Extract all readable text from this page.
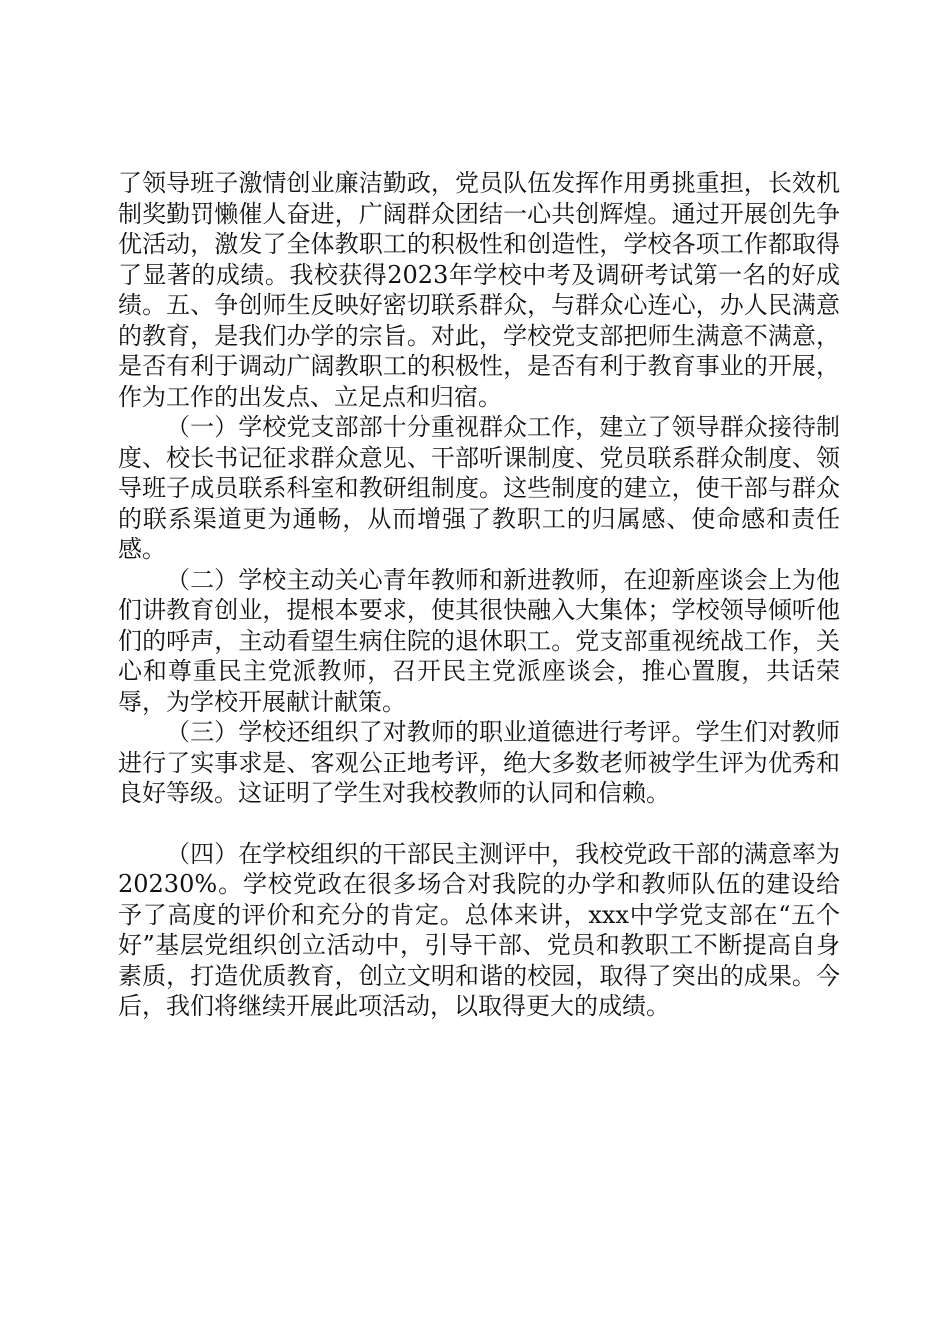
了领导班子激情创业廉洁勤政，党员队伍发挥作用勇挑重担，长效机制奖勤罚懒催人奋进，广阔群众团结一心共创辉煌。通过开展创先争优活动，激发了全体教职工的积极性和创造性，学校各项工作都取得了显著的成绩。我校获得2023年学校中考及调研考试第一名的好成绩。五、争创师生反映好密切联系群众，与群众心连心，办人民满意的教育，是我们办学的宗旨。对此，学校党支部把师生满意不满意，是否有利于调动广阔教职工的积极性，是否有利于教育事业的开展，作为工作的出发点、立足点和归宿。

（一）学校党支部部十分重视群众工作，建立了领导群众接待制度、校长书记征求群众意见、干部听课制度、党员联系群众制度、领导班子成员联系科室和教研组制度。这些制度的建立，使干部与群众的联系渠道更为通畅，从而增强了教职工的归属感、使命感和责任感。

（二）学校主动关心青年教师和新进教师，在迎新座谈会上为他们讲教育创业，提根本要求，使其很快融入大集体；学校领导倾听他们的呼声，主动看望生病住院的退休职工。党支部重视统战工作，关心和尊重民主党派教师，召开民主党派座谈会，推心置腹，共话荣辱，为学校开展献计献策。

（三）学校还组织了对教师的职业道德进行考评。学生们对教师进行了实事求是、客观公正地考评，绝大多数老师被学生评为优秀和良好等级。这证明了学生对我校教师的认同和信赖。

（四）在学校组织的干部民主测评中，我校党政干部的满意率为20230%。学校党政在很多场合对我院的办学和教师队伍的建设给予了高度的评价和充分的肯定。总体来讲，xxx中学党支部在“五个好”基层党组织创立活动中，引导干部、党员和教职工不断提高自身素质，打造优质教育，创立文明和谐的校园，取得了突出的成果。今后，我们将继续开展此项活动，以取得更大的成绩。
